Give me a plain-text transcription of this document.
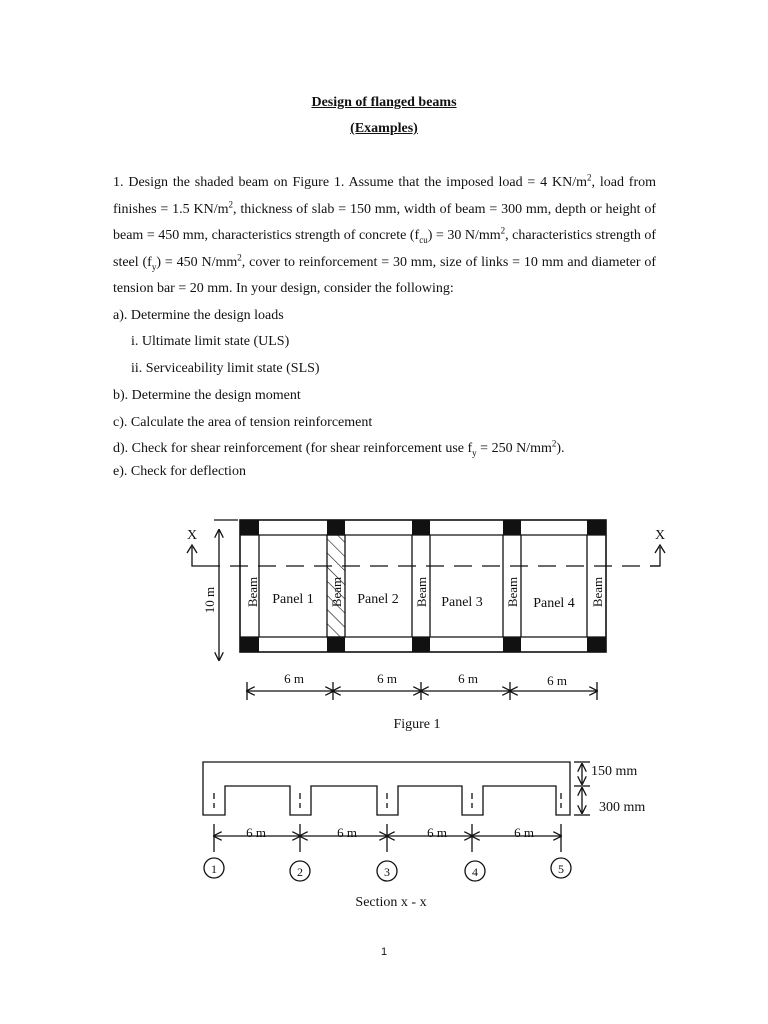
Design of flanged beams
(Examples)

1. Design the shaded beam on Figure 1. Assume that the imposed load = 4 $KN/m^2$, load from finishes = 1.5 $KN/m^2$, thickness of slab = 150 mm, width of beam = 300 mm, depth or height of beam = 450 mm, characteristics strength of concrete $(f_{cu}) = 30$ $N/mm^2$, characteristics strength of steel $(f_y) = 450$ $N/mm^2$, cover to reinforcement = 30 mm, size of links = 10 mm and diameter of tension bar = 20 mm. In your design, consider the following:

a). Determine the design loads
i. Ultimate limit state (ULS)
ii. Serviceability limit state (SLS)
b). Determine the design moment
c). Calculate the area of tension reinforcement
d). Check for shear reinforcement (for shear reinforcement use $f_y = 250$ $N/mm^2$).
e). Check for deflection
X	X
10 m Beam	Beam	Beam	Beam	Beam
Panel 1	Panel 2	Panel 3	Panel 4
6 m	6 m	6 m	6 m
Figure 1
150 mm
300 mm
6 m	6 m	6 m	6 m
1	2	3	4	5
Section x - x
1
